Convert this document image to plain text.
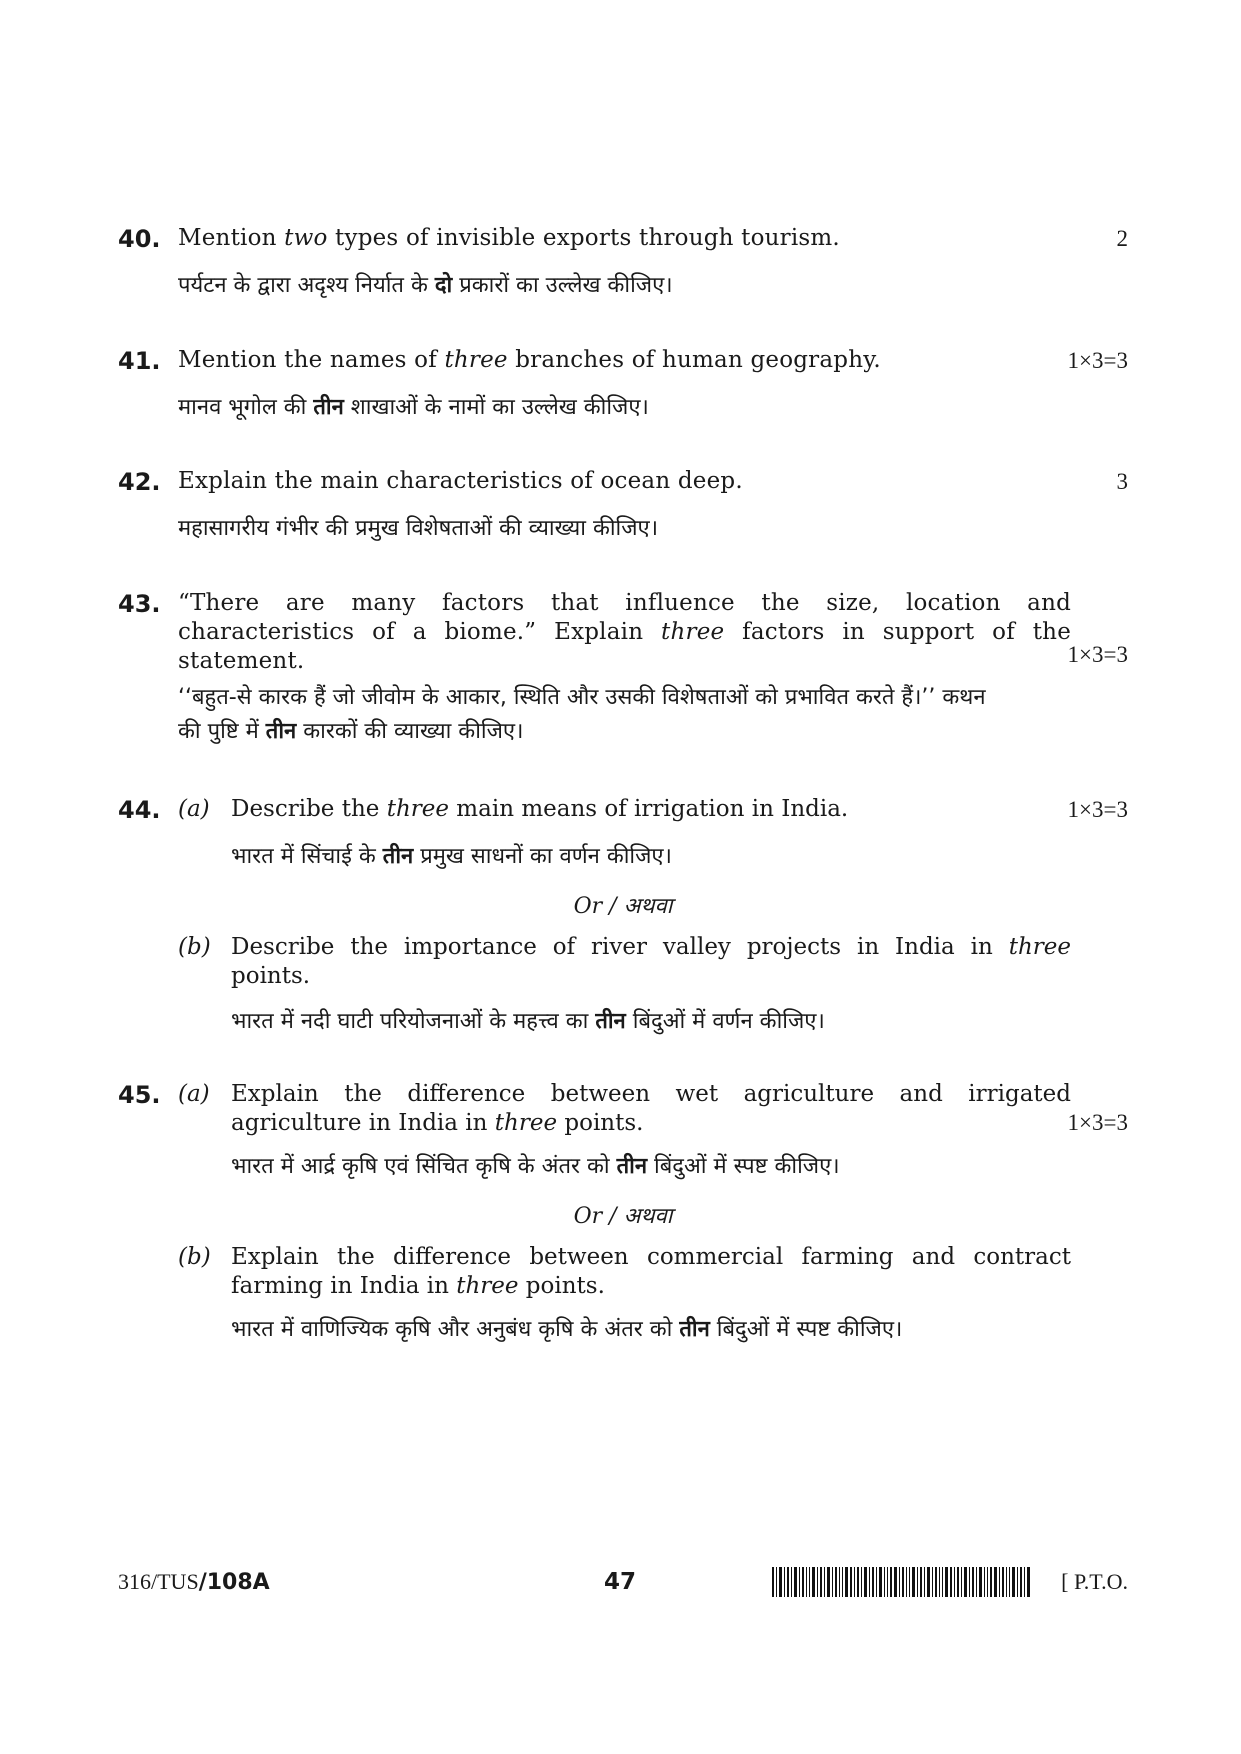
40. Mention two types of invisible exports through tourism.	2
पर्यटन के द्वारा अदृश्य निर्यात के दो प्रकारों का उल्लेख कीजिए।
41. Mention the names of three branches of human geography.	1×3=3
मानव भूगोल की तीन शाखाओं के नामों का उल्लेख कीजिए।
42. Explain the main characteristics of ocean deep.	3
महासागरीय गंभीर की प्रमुख विशेषताओं की व्याख्या कीजिए।
43. “There are many factors that influence the size, location and characteristics of a biome.” Explain three factors in support of the statement.	1×3=3
‘‘बहुत-से कारक हैं जो जीवोम के आकार, स्थिति और उसकी विशेषताओं को प्रभावित करते हैं।’’ कथन
की पुष्टि में तीन कारकों की व्याख्या कीजिए।
44. (a) Describe the three main means of irrigation in India.	1×3=3
भारत में सिंचाई के तीन प्रमुख साधनों का वर्णन कीजिए।
Or / अथवा
(b) Describe the importance of river valley projects in India in three points.
भारत में नदी घाटी परियोजनाओं के महत्त्व का तीन बिंदुओं में वर्णन कीजिए।
45. (a) Explain the difference between wet agriculture and irrigated agriculture in India in three points.	1×3=3
भारत में आर्द्र कृषि एवं सिंचित कृषि के अंतर को तीन बिंदुओं में स्पष्ट कीजिए।
Or / अथवा
(b) Explain the difference between commercial farming and contract farming in India in three points.
भारत में वाणिज्यिक कृषि और अनुबंध कृषि के अंतर को तीन बिंदुओं में स्पष्ट कीजिए।
316/TUS/108A	47	[ P.T.O.
